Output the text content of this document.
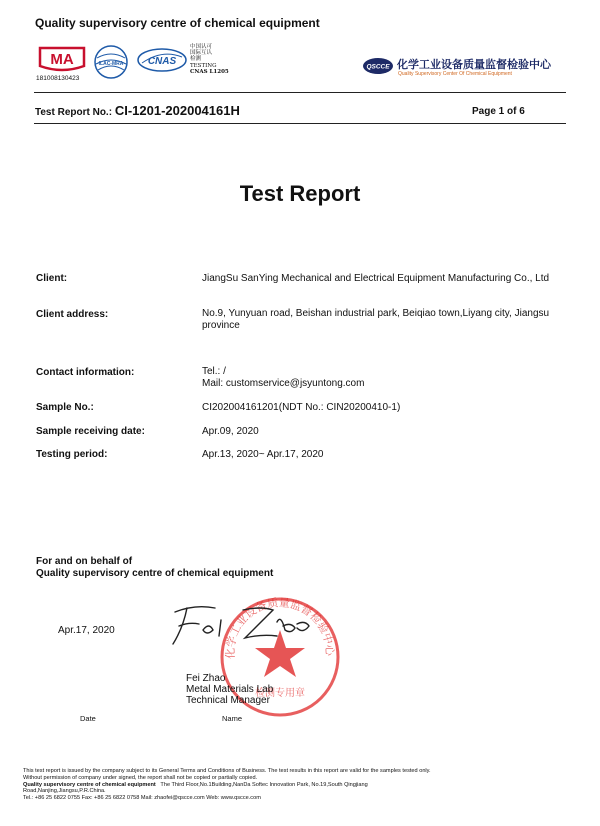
Quality supervisory centre of chemical equipment
MA
181008130423
ILAC-MRA CNAS
中国认可
国际互认
检测
TESTING
CNAS L1205
QSCCE 化学工业设备质量监督检验中心
Quality Supervisory Center Of Chemical Equipment
Test Report No.: CI-1201-202004161H	Page 1 of 6
Test Report
Client:	JiangSu SanYing Mechanical and Electrical Equipment Manufacturing Co., Ltd
Client address:	No.9, Yunyuan road, Beishan industrial park, Beiqiao town,Liyang city, Jiangsu province
Contact information:	Tel.: /
Mail: customservice@jsyuntong.com
Sample No.:	CI202004161201(NDT No.: CIN20200410-1)
Sample receiving date:	Apr.09, 2020
Testing period:	Apr.13, 2020~ Apr.17, 2020
For and on behalf of
Quality supervisory centre of chemical equipment
Apr.17, 2020
化学工业设备质量监督检验中心
检测专用章
Fei Zhao
Metal Materials Lab
Technical Manager
Date	Name
This test report is issued by the company subject to its General Terms and Conditions of Business. The test results in this report are valid for the samples tested only.
Without permission of company under signed, the report shall not be copied or partially copied.
Quality supervisory centre of chemical equipment The Third Floor,No.1Building,NanDa Softec Innovation Park, No.19,South Qingjiang
Road,Nanjing,Jiangsu,P.R.China.
Tel.: +86 25 6822 0755 Fax: +86 25 6822 0758 Mail: zhaofei@qscce.com Web: www.qscce.com
